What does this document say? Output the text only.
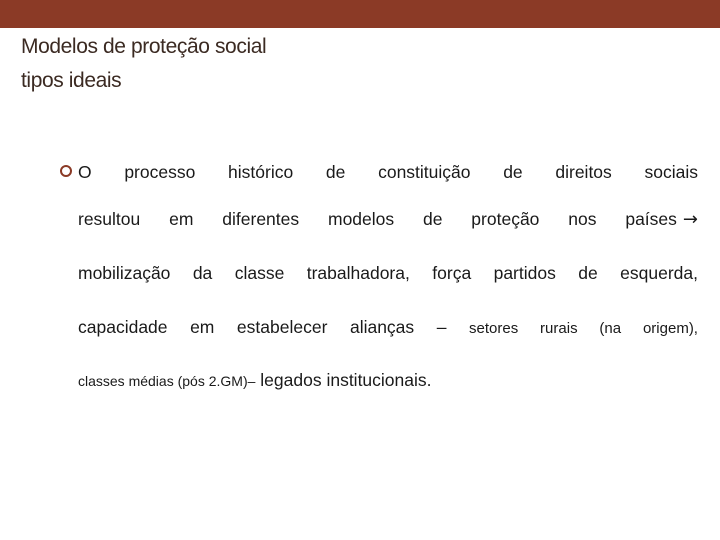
Modelos de proteção social
tipos ideais

O processo histórico de constituição de direitos sociais

resultou em diferentes modelos de proteção nos países →

mobilização da classe trabalhadora, força partidos de esquerda,

capacidade em estabelecer alianças – setores rurais (na origem),

classes médias (pós 2.GM)– legados institucionais.
